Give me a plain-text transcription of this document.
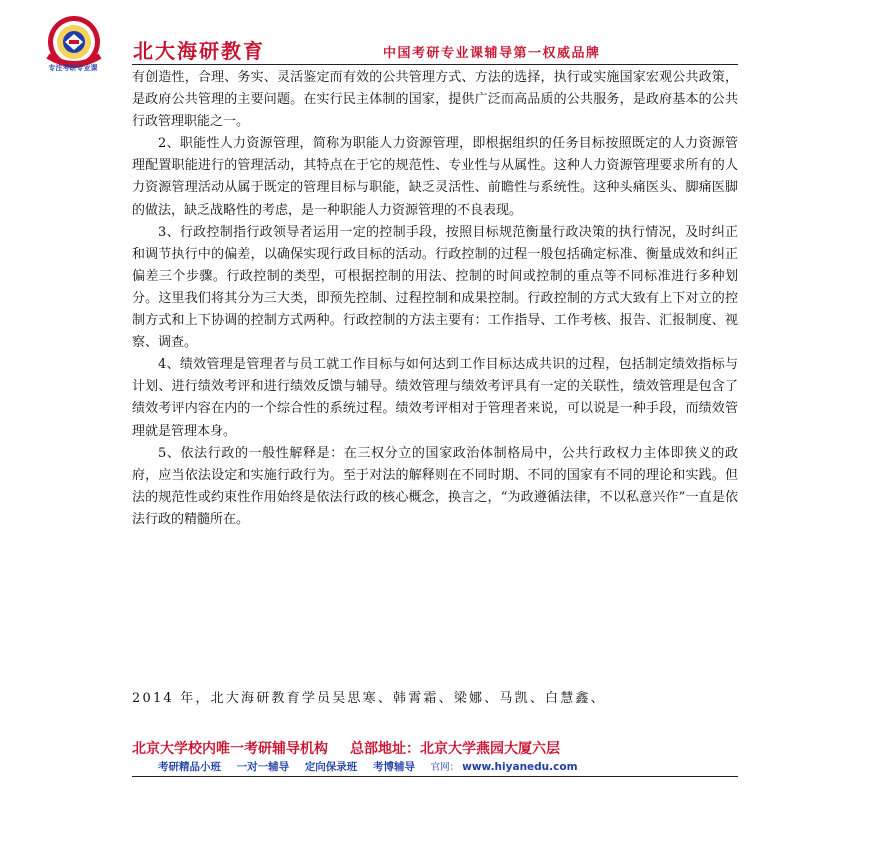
专注考研专业课
北大海研教育	中国考研专业课辅导第一权威品牌

有创造性，合理、务实、灵活鉴定而有效的公共管理方式、方法的选择，执行或实施国家宏观公共政策，是政府公共管理的主要问题。在实行民主体制的国家，提供广泛而高品质的公共服务，是政府基本的公共行政管理职能之一。

2、职能性人力资源管理，简称为职能人力资源管理，即根据组织的任务目标按照既定的人力资源管理配置职能进行的管理活动，其特点在于它的规范性、专业性与从属性。这种人力资源管理要求所有的人力资源管理活动从属于既定的管理目标与职能，缺乏灵活性、前瞻性与系统性。这种头痛医头、脚痛医脚的做法，缺乏战略性的考虑，是一种职能人力资源管理的不良表现。

3、行政控制指行政领导者运用一定的控制手段，按照目标规范衡量行政决策的执行情况，及时纠正和调节执行中的偏差，以确保实现行政目标的活动。行政控制的过程一般包括确定标准、衡量成效和纠正偏差三个步骤。行政控制的类型，可根据控制的用法、控制的时间或控制的重点等不同标准进行多种划分。这里我们将其分为三大类，即预先控制、过程控制和成果控制。行政控制的方式大致有上下对立的控制方式和上下协调的控制方式两种。行政控制的方法主要有：工作指导、工作考核、报告、汇报制度、视察、调查。

4、绩效管理是管理者与员工就工作目标与如何达到工作目标达成共识的过程，包括制定绩效指标与计划、进行绩效考评和进行绩效反馈与辅导。绩效管理与绩效考评具有一定的关联性，绩效管理是包含了绩效考评内容在内的一个综合性的系统过程。绩效考评相对于管理者来说，可以说是一种手段，而绩效管理就是管理本身。

5、依法行政的一般性解释是：在三权分立的国家政治体制格局中，公共行政权力主体即狭义的政府，应当依法设定和实施行政行为。至于对法的解释则在不同时期、不同的国家有不同的理论和实践。但法的规范性或约束性作用始终是依法行政的核心概念，换言之，“为政遵循法律，不以私意兴作”一直是依法行政的精髓所在。

2014 年，北大海研教育学员吴思寒、韩霄霜、梁娜、马凯、白慧鑫、
北京大学校内唯一考研辅导机构 总部地址：北京大学燕园大厦六层
考研精品小班 一对一辅导 定向保录班 考博辅导 官网： www.hiyanedu.com
